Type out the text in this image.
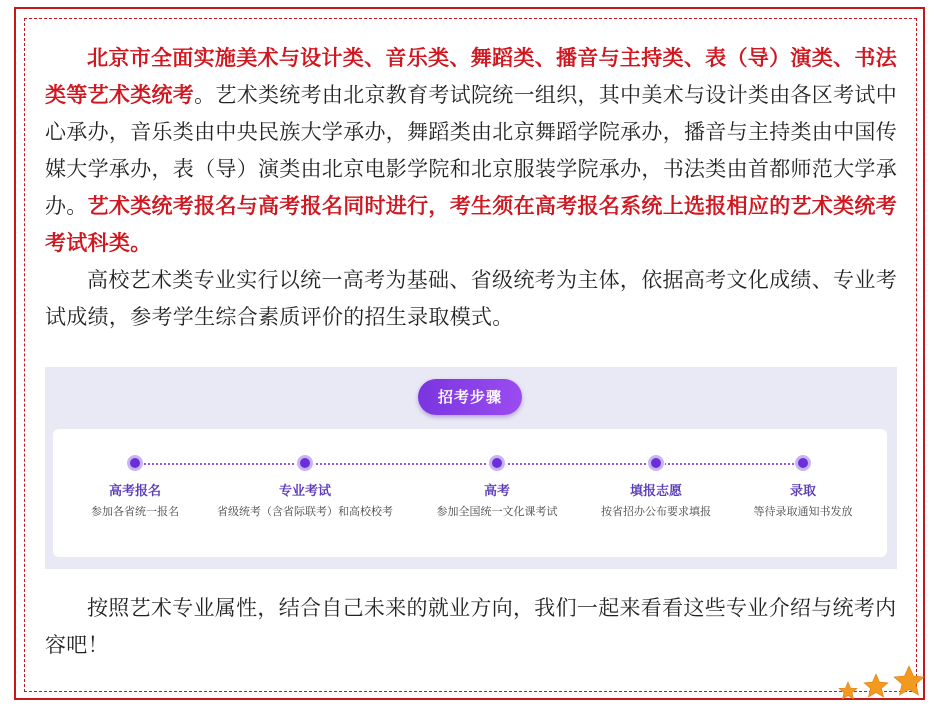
北京市全面实施美术与设计类、音乐类、舞蹈类、播音与主持类、表（导）演类、书法类等艺术类统考。艺术类统考由北京教育考试院统一组织，其中美术与设计类由各区考试中心承办，音乐类由中央民族大学承办，舞蹈类由北京舞蹈学院承办，播音与主持类由中国传媒大学承办，表（导）演类由北京电影学院和北京服装学院承办，书法类由首都师范大学承办。艺术类统考报名与高考报名同时进行，考生须在高考报名系统上选报相应的艺术类统考考试科类。

高校艺术类专业实行以统一高考为基础、省级统考为主体，依据高考文化成绩、专业考试成绩，参考学生综合素质评价的招生录取模式。

招考步骤
高考报名
参加各省统一报名
专业考试
省级统考（含省际联考）和高校校考
高考
参加全国统一文化课考试
填报志愿
按省招办公布要求填报
录取
等待录取通知书发放

按照艺术专业属性，结合自己未来的就业方向，我们一起来看看这些专业介绍与统考内容吧！
